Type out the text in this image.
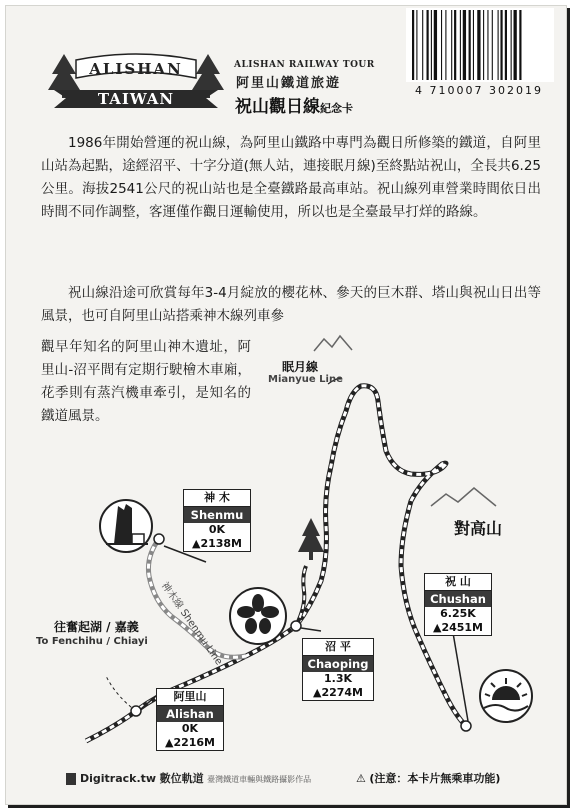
ALISHAN
TAIWAN
ALISHAN RAILWAY TOUR
阿里山鐵道旅遊
祝山觀日線紀念卡
4 710007 302019
1986年開始營運的祝山線，為阿里山鐵路中專門為觀日所修築的鐵道，自阿里山站為起點，途經沼平、十字分道(無人站，連接眠月線)至終點站祝山，全長共6.25公里。海拔2541公尺的祝山站也是全臺鐵路最高車站。祝山線列車營業時間依日出時間不同作調整，客運僅作觀日運輸使用，所以也是全臺最早打烊的路線。
祝山線沿途可欣賞每年3-4月綻放的櫻花林、參天的巨木群、塔山與祝山日出等風景，也可自阿里山站搭乘神木線列車參
觀早年知名的阿里山神木遺址，阿里山-沼平間有定期行駛檜木車廂，花季則有蒸汽機車牽引，是知名的鐵道風景。
眠月線
Mianyue Line
對高山
神木線 Shenmu Line
往奮起湖 / 嘉義
To Fenchihu / Chiayi
神 木
Shenmu
0K
▲2138M
阿里山
Alishan
0K
▲2216M
沼 平
Chaoping
1.3K
▲2274M
祝 山
Chushan
6.25K
▲2451M
Digitrack.tw 數位軌道 臺灣鐵道車輛與鐵路攝影作品	⚠ (注意：本卡片無乘車功能)
